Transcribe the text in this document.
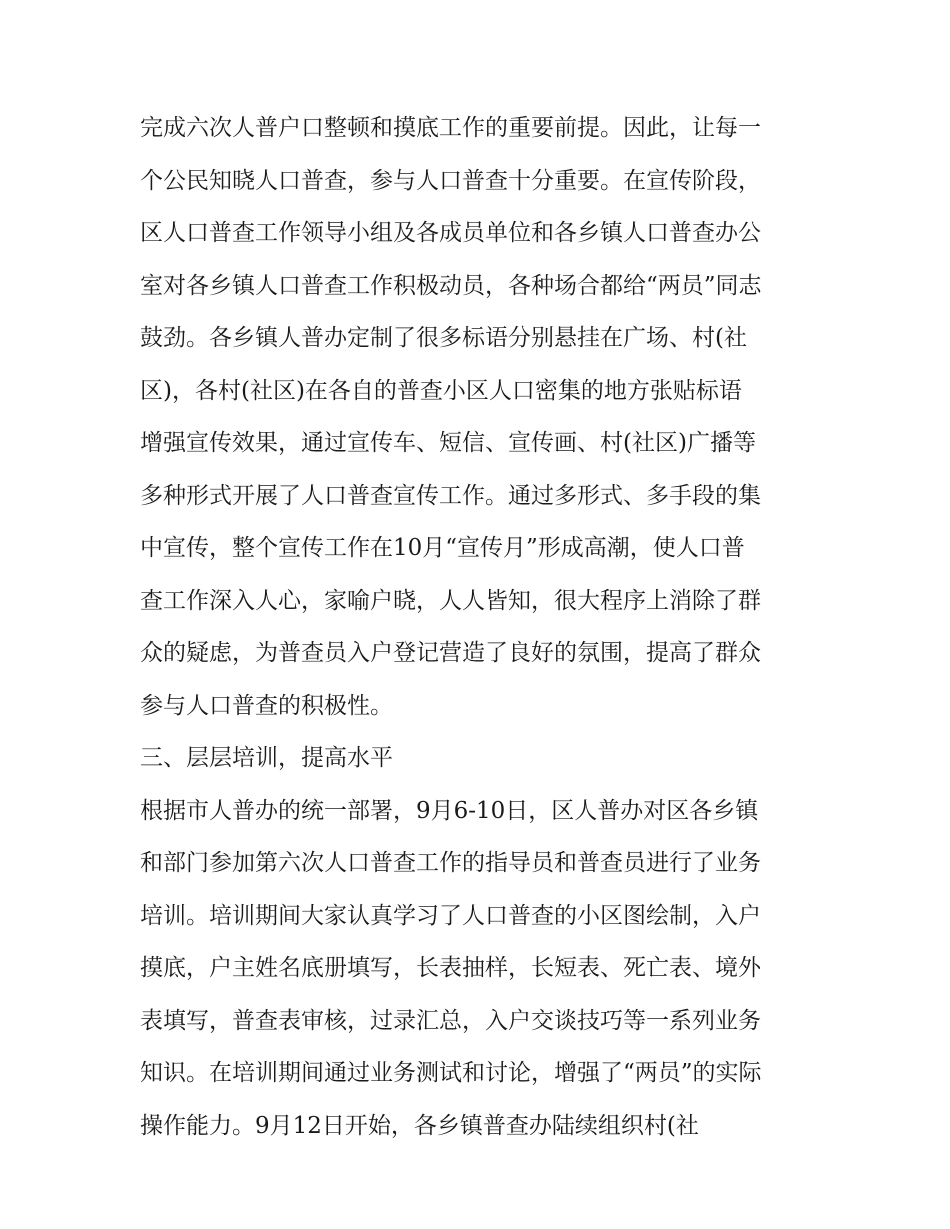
完成六次人普户口整顿和摸底工作的重要前提。因此，让每一
个公民知晓人口普查，参与人口普查十分重要。在宣传阶段，
区人口普查工作领导小组及各成员单位和各乡镇人口普查办公
室对各乡镇人口普查工作积极动员，各种场合都给“两员”同志
鼓劲。各乡镇人普办定制了很多标语分别悬挂在广场、村(社
区)，各村(社区)在各自的普查小区人口密集的地方张贴标语
增强宣传效果，通过宣传车、短信、宣传画、村(社区)广播等
多种形式开展了人口普查宣传工作。通过多形式、多手段的集
中宣传，整个宣传工作在10月“宣传月”形成高潮，使人口普
查工作深入人心，家喻户晓，人人皆知，很大程序上消除了群
众的疑虑，为普查员入户登记营造了良好的氛围，提高了群众
参与人口普查的积极性。
三、层层培训，提高水平
根据市人普办的统一部署，9月6-10日，区人普办对区各乡镇
和部门参加第六次人口普查工作的指导员和普查员进行了业务
培训。培训期间大家认真学习了人口普查的小区图绘制，入户
摸底，户主姓名底册填写，长表抽样，长短表、死亡表、境外
表填写，普查表审核，过录汇总，入户交谈技巧等一系列业务
知识。在培训期间通过业务测试和讨论，增强了“两员”的实际
操作能力。9月12日开始，各乡镇普查办陆续组织村(社
